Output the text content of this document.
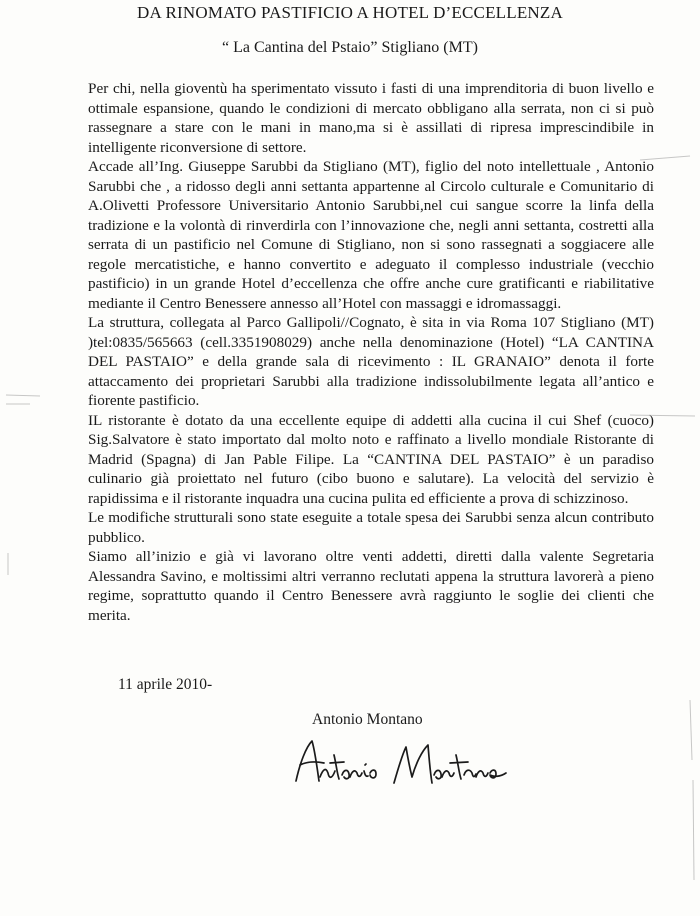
DA RINOMATO PASTIFICIO A HOTEL D’ECCELLENZA
“ La Cantina del Pstaio” Stigliano (MT)

Per chi, nella gioventù ha sperimentato vissuto i fasti di una imprenditoria di buon livello e ottimale espansione, quando le condizioni di mercato obbligano alla serrata, non ci si può rassegnare a stare con le mani in mano,ma si è assillati di ripresa imprescindibile in intelligente riconversione di settore.

Accade all’Ing. Giuseppe Sarubbi da Stigliano (MT), figlio del noto intellettuale , Antonio Sarubbi che , a ridosso degli anni settanta appartenne al Circolo culturale e Comunitario di A.Olivetti Professore Universitario Antonio Sarubbi,nel cui sangue scorre la linfa della tradizione e la volontà di rinverdirla con l’innovazione che, negli anni settanta, costretti alla serrata di un pastificio nel Comune di Stigliano, non si sono rassegnati a soggiacere alle regole mercatistiche, e hanno convertito e adeguato il complesso industriale (vecchio pastificio) in un grande Hotel d’eccellenza che offre anche cure gratificanti e riabilitative mediante il Centro Benessere annesso all’Hotel con massaggi e idromassaggi.

La struttura, collegata al Parco Gallipoli//Cognato, è sita in via Roma 107 Stigliano (MT) )tel:0835/565663 (cell.3351908029) anche nella denominazione (Hotel) “LA CANTINA DEL PASTAIO” e della grande sala di ricevimento : IL GRANAIO” denota il forte attaccamento dei proprietari Sarubbi alla tradizione indissolubilmente legata all’antico e fiorente pastificio.

IL ristorante è dotato da una eccellente equipe di addetti alla cucina il cui Shef (cuoco) Sig.Salvatore è stato importato dal molto noto e raffinato a livello mondiale Ristorante di Madrid (Spagna) di Jan Pable Filipe. La “CANTINA DEL PASTAIO” è un paradiso culinario già proiettato nel futuro (cibo buono e salutare). La velocità del servizio è rapidissima e il ristorante inquadra una cucina pulita ed efficiente a prova di schizzinoso.

Le modifiche strutturali sono state eseguite a totale spesa dei Sarubbi senza alcun contributo pubblico.

Siamo all’inizio e già vi lavorano oltre venti addetti, diretti dalla valente Segretaria Alessandra Savino, e moltissimi altri verranno reclutati appena la struttura lavorerà a pieno regime, soprattutto quando il Centro Benessere avrà raggiunto le soglie dei clienti che merita.

11 aprile 2010-
Antonio Montano
